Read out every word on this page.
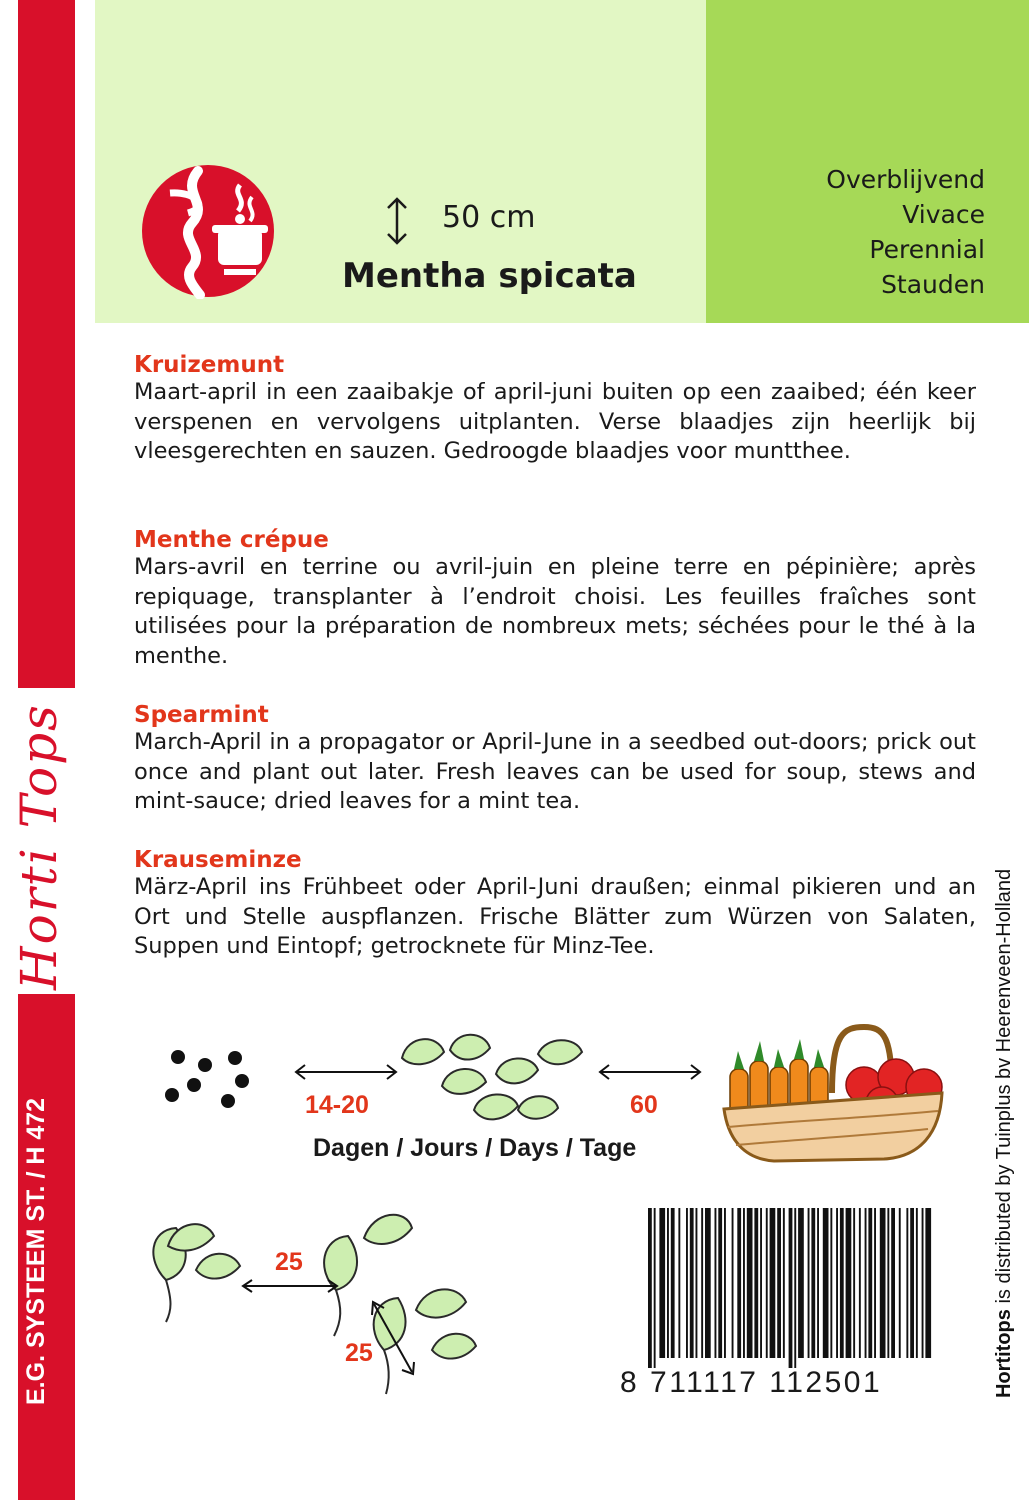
Horti Tops
E.G. SYSTEEM ST. / H 472
50 cm
Mentha spicata
Overblijvend
Vivace
Perennial
Stauden
Kruizemunt

Maart-april in een zaaibakje of april-juni buiten op een zaaibed; één keer verspenen en vervolgens uitplanten. Verse blaadjes zijn heerlijk bij vleesgerechten en sauzen. Gedroogde blaadjes voor muntthee.

Menthe crépue

Mars-avril en terrine ou avril-juin en pleine terre en pépinière; après repiquage, transplanter à l’endroit choisi. Les feuilles fraîches sont utilisées pour la préparation de nombreux mets; séchées pour le thé à la menthe.

Spearmint

March-April in a propagator or April-June in a seedbed out-doors; prick out once and plant out later. Fresh leaves can be used for soup, stews and mint-sauce; dried leaves for a mint tea.

Krauseminze

März-April ins Frühbeet oder April-Juni draußen; einmal pikieren und an Ort und Stelle auspflanzen. Frische Blätter zum Würzen von Salaten, Suppen und Eintopf; getrocknete für Minz-Tee.

14-20	60
Dagen / Jours / Days / Tage
25
25
8 711117 112501	Hortitops is distributed by Tuinplus bv Heerenveen-Holland
